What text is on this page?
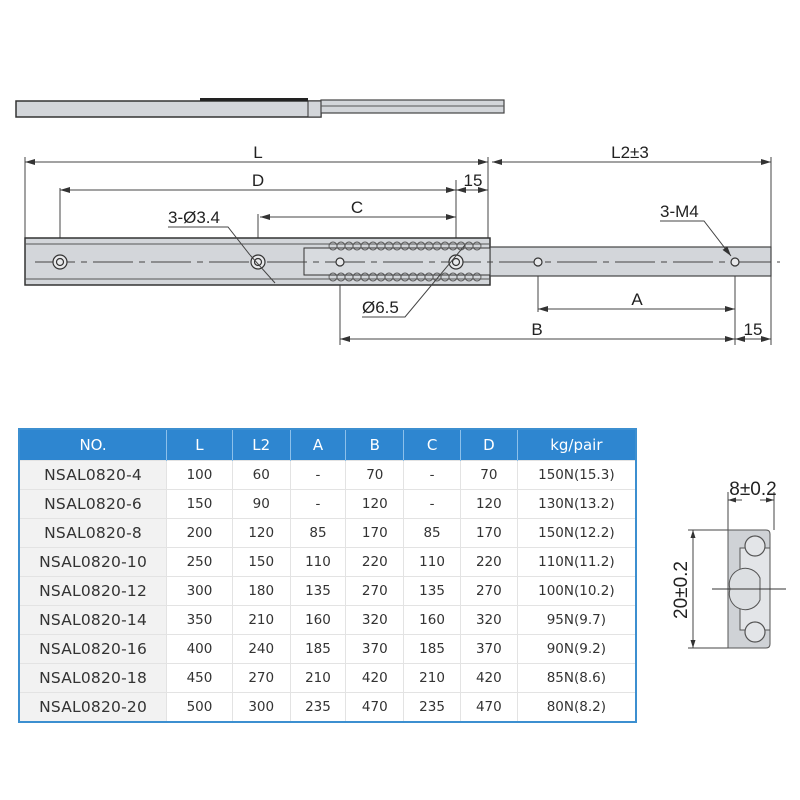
L	L2±3
D	15
C
A
B	15
3-Ø3.4	3-M4
Ø6.5
NO.	L	L2	A	B	C	D	kg/pair
NSAL0820-4	100	60	-	70	-	70	150N(15.3)
NSAL0820-6	150	90	-	120	-	120	130N(13.2)
NSAL0820-8	200	120	85	170	85	170	150N(12.2)
NSAL0820-10	250	150	110	220	110	220	110N(11.2)
NSAL0820-12	300	180	135	270	135	270	100N(10.2)
NSAL0820-14	350	210	160	320	160	320	95N(9.7)
NSAL0820-16	400	240	185	370	185	370	90N(9.2)
NSAL0820-18	450	270	210	420	210	420	85N(8.6)
NSAL0820-20	500	300	235	470	235	470	80N(8.2)
8±0.2
20±0.2
